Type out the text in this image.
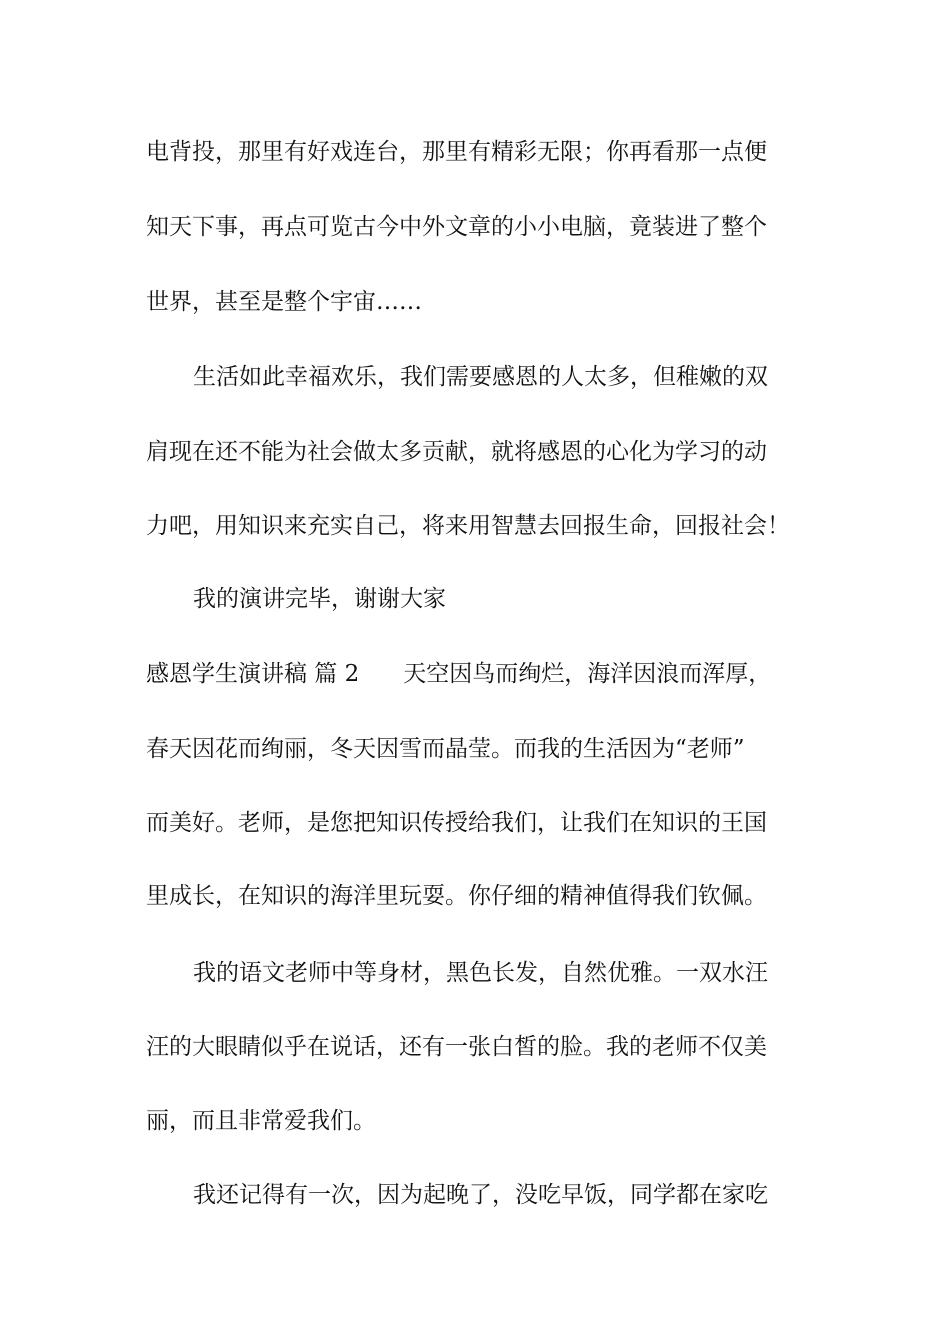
电背投，那里有好戏连台，那里有精彩无限；你再看那一点便

知天下事，再点可览古今中外文章的小小电脑，竟装进了整个

世界，甚至是整个宇宙……

生活如此幸福欢乐，我们需要感恩的人太多，但稚嫩的双

肩现在还不能为社会做太多贡献，就将感恩的心化为学习的动

力吧，用知识来充实自己，将来用智慧去回报生命，回报社会！

我的演讲完毕，谢谢大家

感恩学生演讲稿 篇 2 天空因鸟而绚烂，海洋因浪而浑厚，

春天因花而绚丽，冬天因雪而晶莹。而我的生活因为“老师”

而美好。老师，是您把知识传授给我们，让我们在知识的王国

里成长，在知识的海洋里玩耍。你仔细的精神值得我们钦佩。

我的语文老师中等身材，黑色长发，自然优雅。一双水汪

汪的大眼睛似乎在说话，还有一张白皙的脸。我的老师不仅美

丽，而且非常爱我们。

我还记得有一次，因为起晚了，没吃早饭，同学都在家吃
